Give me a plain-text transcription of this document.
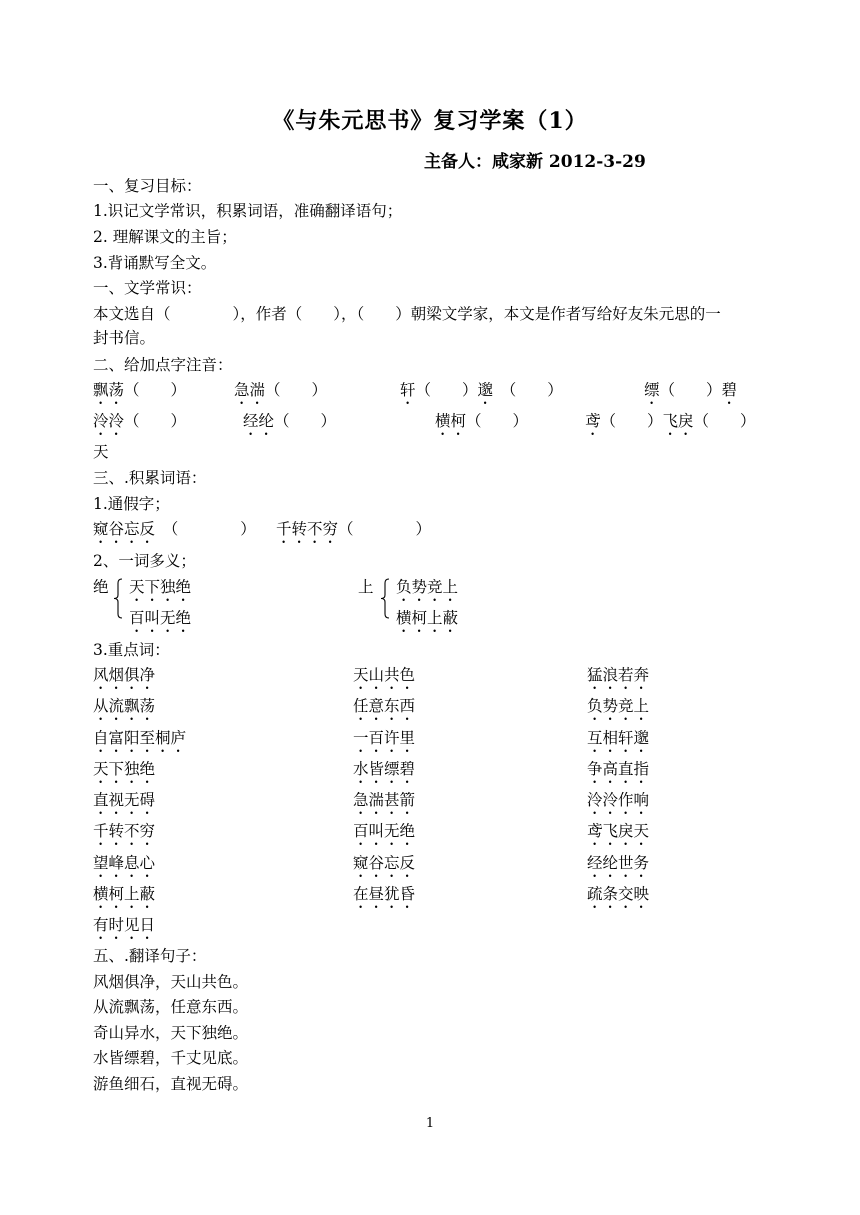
《与朱元思书》复习学案（1）
主备人：咸家新 2012-3-29
一、复习目标：
1.识记文学常识，积累词语，准确翻译语句；
2. 理解课文的主旨；
3.背诵默写全文。
一、文学常识：
本文选自（　　　　），作者（　　），（　　）朝梁文学家，本文是作者写给好友朱元思的一
封书信。
二、给加点字注音：
飘荡（　　）	急湍（　　）	轩（　　）邈　（　　）	缥（　　）碧
泠泠（　　）	经纶（　　）	横柯（　　）	鸢（　　）飞戾（　　）
天
三、.积累词语：
1.通假字；
窥谷忘反　（　　　　） 千转不穷（　　　　）
2、一词多义；
绝 天下独绝
百叫无绝
上 负势竞上
横柯上蔽
3.重点词：
风烟俱净	天山共色	猛浪若奔
从流飘荡	任意东西	负势竞上
自富阳至桐庐	一百许里	互相轩邈
天下独绝	水皆缥碧	争高直指
直视无碍	急湍甚箭	泠泠作响
千转不穷	百叫无绝	鸢飞戾天
望峰息心	窥谷忘反	经纶世务
横柯上蔽	在昼犹昏	疏条交映
有时见日
五、.翻译句子：
风烟俱净，天山共色。
从流飘荡，任意东西。
奇山异水，天下独绝。
水皆缥碧，千丈见底。
游鱼细石，直视无碍。
1
